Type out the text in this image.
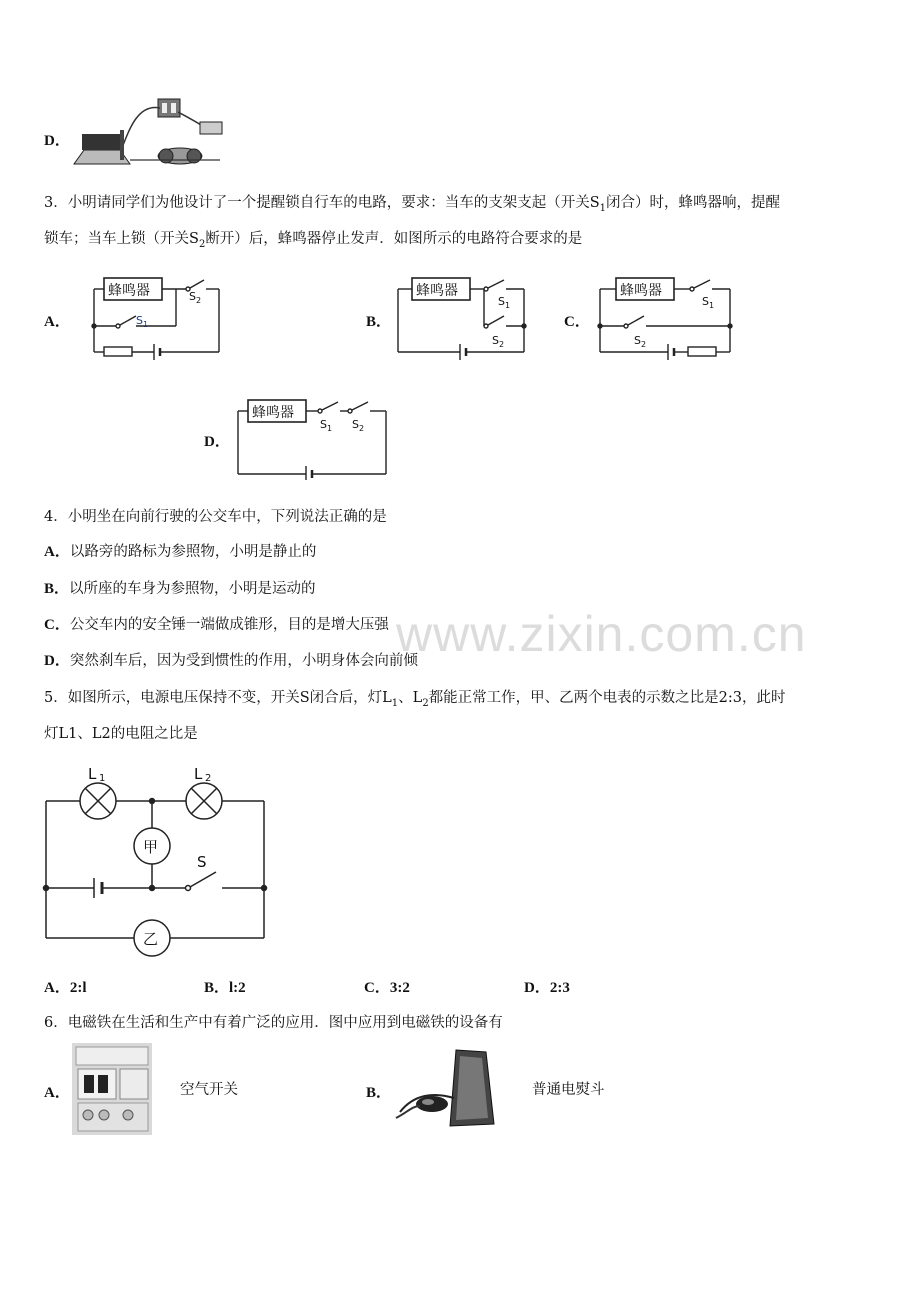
D．
3．小明请同学们为他设计了一个提醒锁自行车的电路，要求：当车的支架支起（开关$S_1$闭合）时，蜂鸣器响，提醒
锁车；当车上锁（开关$S_2$断开）后，蜂鸣器停止发声．如图所示的电路符合要求的是
A．
蜂鸣器	S 2
S 1	B．
蜂鸣器
S 1
S 2
C．
蜂鸣器
S 1
S 2
D．
蜂鸣器
S 1 S 2
4．小明坐在向前行驶的公交车中，下列说法正确的是
A．以路旁的路标为参照物，小明是静止的
B．以所座的车身为参照物，小明是运动的
C．公交车内的安全锤一端做成锥形，目的是增大压强
D．突然刹车后，因为受到惯性的作用，小明身体会向前倾
www.zixin.com.cn
5．如图所示，电源电压保持不变，开关S闭合后，灯$L_1$、$L_2$都能正常工作，甲、乙两个电表的示数之比是2:3，此时
灯L1、L2的电阻之比是
L 1	L 2
甲
S
乙
A．2:l	B．l:2	C．3:2	D．2:3
6．电磁铁在生活和生产中有着广泛的应用．图中应用到电磁铁的设备有
A．	空气开关	B．	普通电熨斗
